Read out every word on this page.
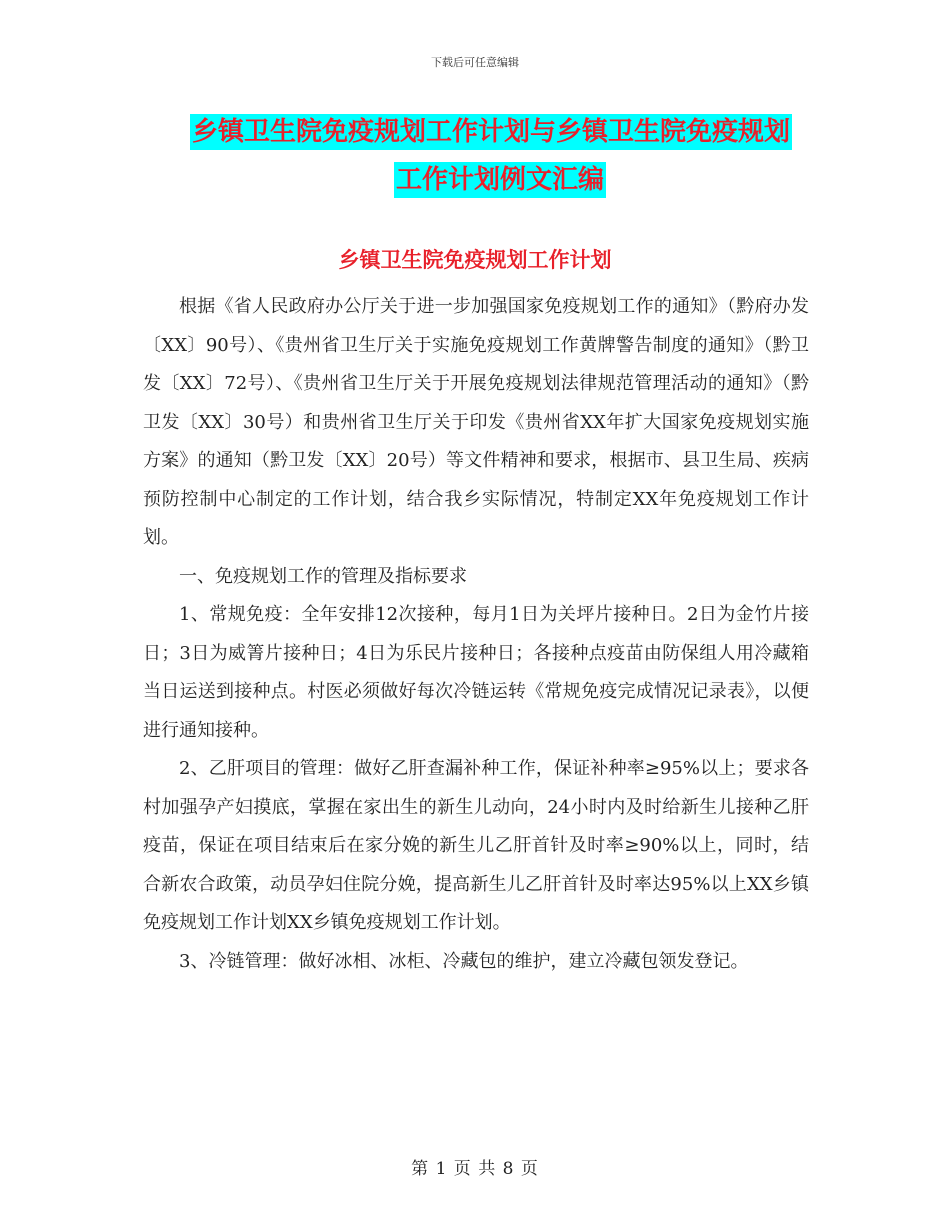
下载后可任意编辑
乡镇卫生院免疫规划工作计划与乡镇卫生院免疫规划
工作计划例文汇编
乡镇卫生院免疫规划工作计划

根据《省人民政府办公厅关于进一步加强国家免疫规划工作的通知》（黔府办发〔XX〕90号）、《贵州省卫生厅关于实施免疫规划工作黄牌警告制度的通知》（黔卫发〔XX〕72号）、《贵州省卫生厅关于开展免疫规划法律规范管理活动的通知》（黔卫发〔XX〕30号）和贵州省卫生厅关于印发《贵州省XX年扩大国家免疫规划实施方案》的通知（黔卫发〔XX〕20号）等文件精神和要求，根据市、县卫生局、疾病预防控制中心制定的工作计划，结合我乡实际情况，特制定XX年免疫规划工作计划。

一、免疫规划工作的管理及指标要求

1、常规免疫：全年安排12次接种，每月1日为关坪片接种日。2日为金竹片接日；3日为威箐片接种日；4日为乐民片接种日；各接种点疫苗由防保组人用冷藏箱当日运送到接种点。村医必须做好每次冷链运转《常规免疫完成情况记录表》，以便进行通知接种。

2、乙肝项目的管理：做好乙肝查漏补种工作，保证补种率≥95%以上；要求各村加强孕产妇摸底，掌握在家出生的新生儿动向，24小时内及时给新生儿接种乙肝疫苗，保证在项目结束后在家分娩的新生儿乙肝首针及时率≥90%以上，同时，结合新农合政策，动员孕妇住院分娩，提高新生儿乙肝首针及时率达95%以上XX乡镇免疫规划工作计划XX乡镇免疫规划工作计划。

3、冷链管理：做好冰相、冰柜、冷藏包的维护，建立冷藏包领发登记。

第 1 页 共 8 页
